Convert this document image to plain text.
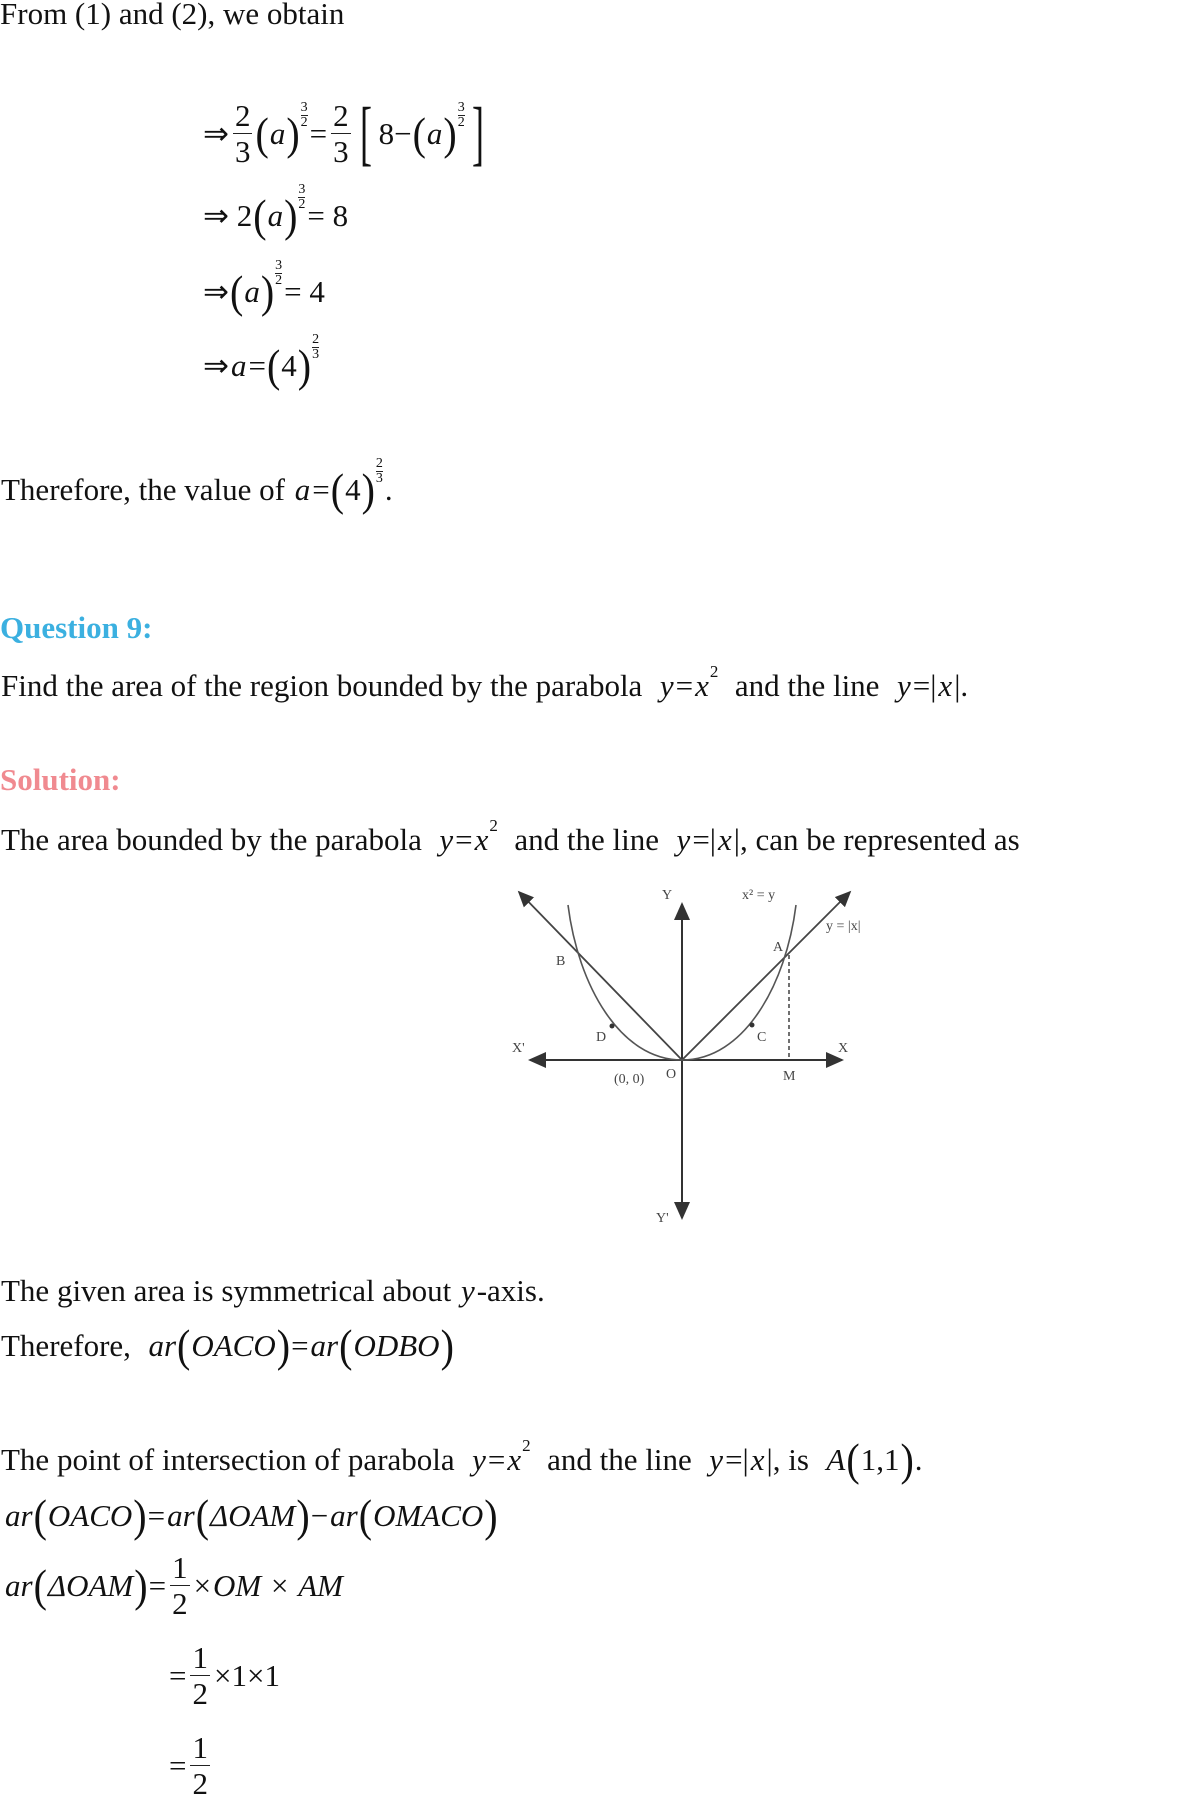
From (1) and (2), we obtain
⇒ $\frac{2}{3}$ ( a ) $\frac{3}{2} = \frac{2}{3}$ [ 8− ( a ) $\frac{3}{2}$ ]
⇒ 2 ( a ) $\frac{3}{2} = 8$
⇒ ( a ) $\frac{3}{2} = 4$
⇒ a = ( 4 ) $\frac{2}{3}$
Therefore, the value of a = ( 4 ) $\frac{2}{3}$ .
Question 9:
Find the area of the region bounded by the parabola y = x 2 and the line y =| x |.
Solution:
The area bounded by the parabola y = x 2 and the line y =| x |, can be represented as
Y
Y'
X
X'
x² = y
y = |x|
A
B
C
D
O	M
(0, 0)
The given area is symmetrical about y -axis.
Therefore, ar ( OACO ) = ar ( ODBO )
The point of intersection of parabola y = x 2 and the line y =| x |, is A ( 1,1 ) .
ar ( OACO ) = ar ( ΔOAM ) − ar ( OMACO )
ar ( ΔOAM ) = $\frac{1}{2}$ × OM × AM
= $\frac{1}{2} \times 1\times 1$
= $\frac{1}{2}$
